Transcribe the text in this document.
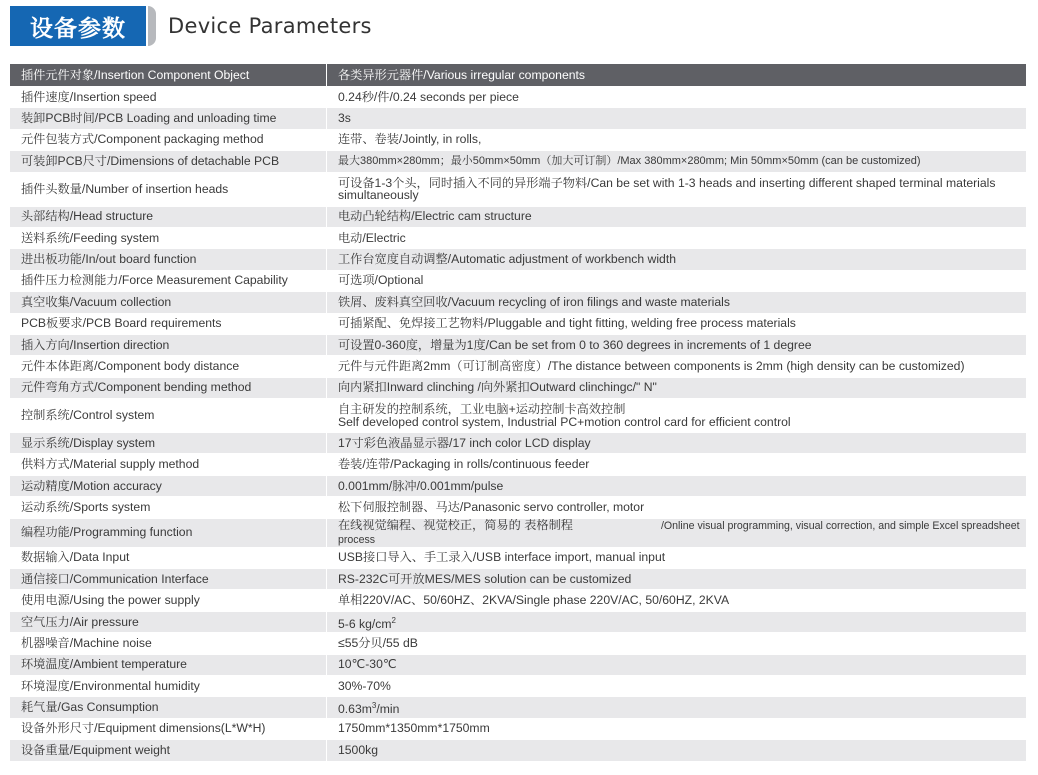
设备参数	Device Parameters
插件元件对象/Insertion Component Object	各类异形元器件/Various irregular components
插件速度/Insertion speed	0.24秒/件/0.24 seconds per piece
装卸PCB时间/PCB Loading and unloading time	3s
元件包装方式/Component packaging method	连带、卷装/Jointly, in rolls,
可装卸PCB尺寸/Dimensions of detachable PCB	最大380mm×280mm；最小50mm×50mm（加大可订制）/Max 380mm×280mm; Min 50mm×50mm (can be customized)
插件头数量/Number of insertion heads	可设备1-3个头，同时插入不同的异形端子物料/Can be set with 1-3 heads and inserting different shaped terminal materials simultaneously
头部结构/Head structure	电动凸轮结构/Electric cam structure
送料系统/Feeding system	电动/Electric
进出板功能/In/out board function	工作台宽度自动调整/Automatic adjustment of workbench width
插件压力检测能力/Force Measurement Capability	可选项/Optional
真空收集/Vacuum collection	铁屑、废料真空回收/Vacuum recycling of iron filings and waste materials
PCB板要求/PCB Board requirements	可插紧配、免焊接工艺物料/Pluggable and tight fitting, welding free process materials
插入方向/Insertion direction	可设置0-360度，增量为1度/Can be set from 0 to 360 degrees in increments of 1 degree
元件本体距离/Component body distance	元件与元件距离2mm（可订制高密度）/The distance between components is 2mm (high density can be customized)
元件弯角方式/Component bending method	向内紧扣Inward clinching /向外紧扣Outward clinchingc/" N"
控制系统/Control system	自主研发的控制系统，工业电脑+运动控制卡高效控制
Self developed control system, Industrial PC+motion control card for efficient control
显示系统/Display system	17寸彩色液晶显示器/17 inch color LCD display
供料方式/Material supply method	卷装/连带/Packaging in rolls/continuous feeder
运动精度/Motion accuracy	0.001mm/脉冲/0.001mm/pulse
运动系统/Sports system	松下伺服控制器、马达/Panasonic servo controller, motor
编程功能/Programming function	在线视觉编程、视觉校正，简易的 表格制程 /Online visual programming, visual correction, and simple Excel spreadsheet process
数据输入/Data Input	USB接口导入、手工录入/USB interface import, manual input
通信接口/Communication Interface	RS-232C可开放MES/MES solution can be customized
使用电源/Using the power supply	单相220V/AC、50/60HZ、2KVA/Single phase 220V/AC, 50/60HZ, 2KVA
空气压力/Air pressure	5-6 $kg/cm^2$
机器噪音/Machine noise	≤55分贝/55 dB
环境温度/Ambient temperature	10℃-30℃
环境湿度/Environmental humidity	30%-70%
耗气量/Gas Consumption	$0.63m^3/\min$
设备外形尺寸/Equipment dimensions(L*W*H)	1750mm*1350mm*1750mm
设备重量/Equipment weight	1500kg
